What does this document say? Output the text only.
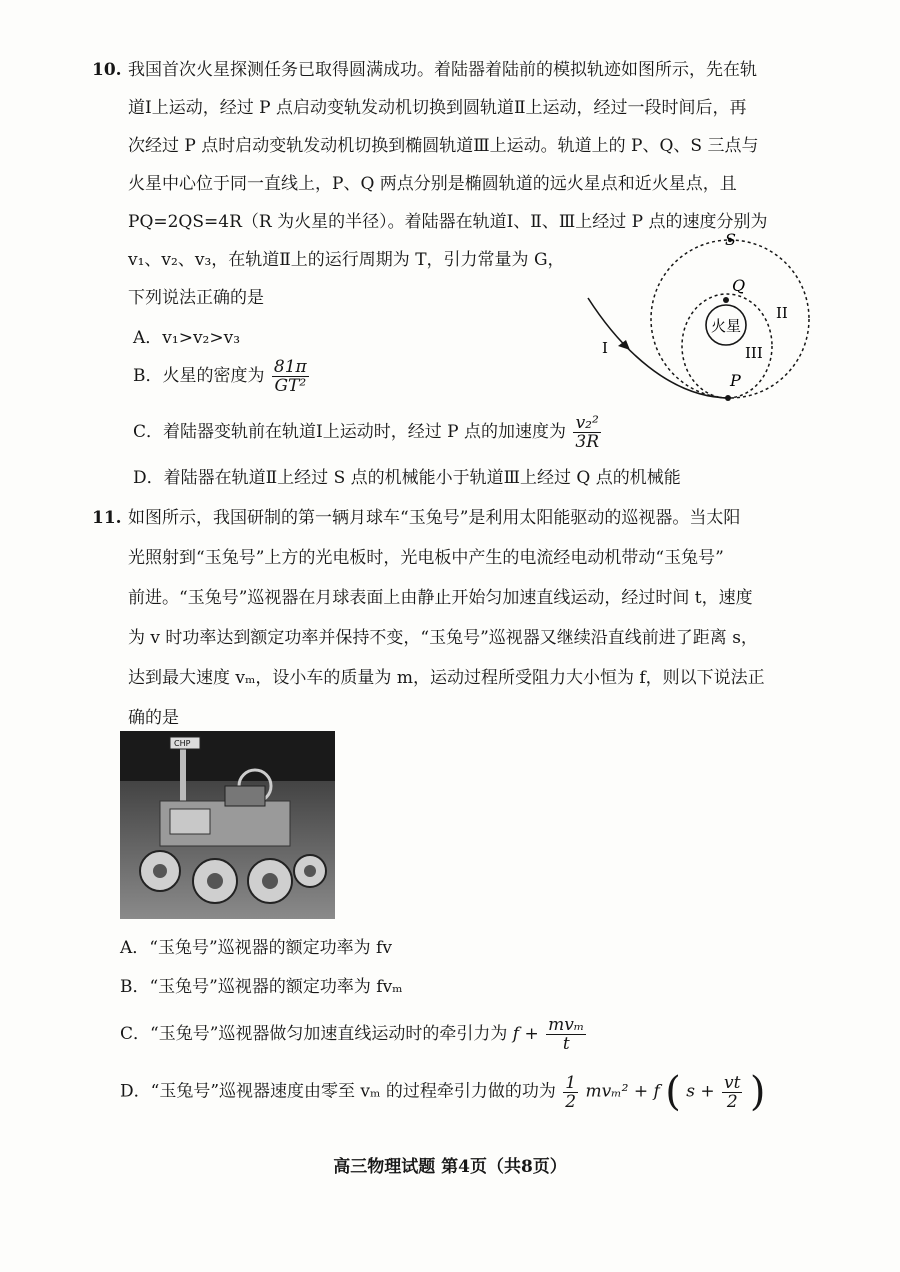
10. 我国首次火星探测任务已取得圆满成功。着陆器着陆前的模拟轨迹如图所示，先在轨
道Ⅰ上运动，经过 P 点启动变轨发动机切换到圆轨道Ⅱ上运动，经过一段时间后，再
次经过 P 点时启动变轨发动机切换到椭圆轨道Ⅲ上运动。轨道上的 P、Q、S 三点与
火星中心位于同一直线上，P、Q 两点分别是椭圆轨道的远火星点和近火星点，且
PQ=2QS=4R（R 为火星的半径）。着陆器在轨道Ⅰ、Ⅱ、Ⅲ上经过 P 点的速度分别为
v₁、v₂、v₃，在轨道Ⅱ上的运行周期为 T，引力常量为 G，
下列说法正确的是
A．v₁>v₂>v₃
B．火星的密度为 $\frac{81\pi}{\text{GT²}}$
C．着陆器变轨前在轨道Ⅰ上运动时，经过 P 点的加速度为 $\frac{\text{v₂²}}{3R}$
D．着陆器在轨道Ⅱ上经过 S 点的机械能小于轨道Ⅲ上经过 Q 点的机械能
火星
S
Q
P
I
II
III
11. 如图所示，我国研制的第一辆月球车“玉兔号”是利用太阳能驱动的巡视器。当太阳
光照射到“玉兔号”上方的光电板时，光电板中产生的电流经电动机带动“玉兔号”
前进。“玉兔号”巡视器在月球表面上由静止开始匀加速直线运动，经过时间 t，速度
为 v 时功率达到额定功率并保持不变，“玉兔号”巡视器又继续沿直线前进了距离 s，
达到最大速度 vₘ，设小车的质量为 m，运动过程所受阻力大小恒为 f，则以下说法正
确的是
CHP
A．“玉兔号”巡视器的额定功率为 fv
B．“玉兔号”巡视器的额定功率为 fvₘ
C．“玉兔号”巡视器做匀加速直线运动时的牵引力为 $f + \frac{\text{mvₘ}}{t}$
D．“玉兔号”巡视器速度由零至 vₘ 的过程牵引力做的功为 $\frac{1}{2} mv_m^2 + f$ ( $s + \frac{vt}{2}$ )
高三物理试题 第4页（共8页）
